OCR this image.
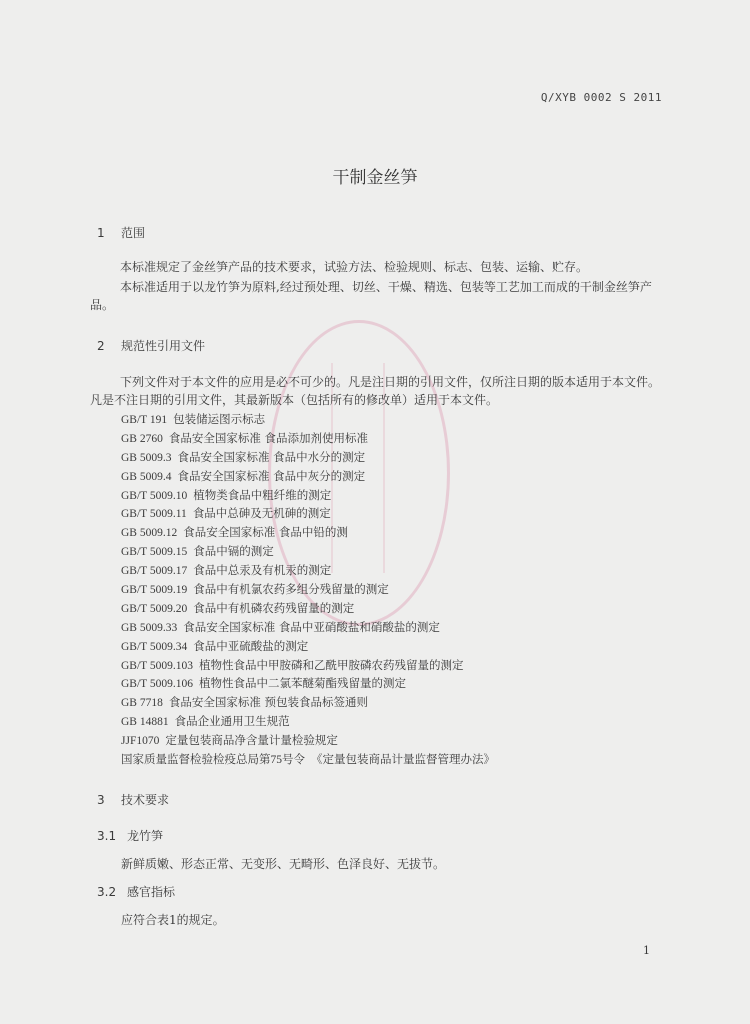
Q/XYB 0002 S 2011
干制金丝笋
1 范围
本标准规定了金丝笋产品的技术要求，试验方法、检验规则、标志、包装、运输、贮存。
本标准适用于以龙竹笋为原料,经过预处理、切丝、干燥、精选、包装等工艺加工而成的干制金丝笋产品。
2 规范性引用文件
下列文件对于本文件的应用是必不可少的。凡是注日期的引用文件，仅所注日期的版本适用于本文件。凡是不注日期的引用文件，其最新版本（包括所有的修改单）适用于本文件。
GB/T 191 包装储运图示标志
GB 2760 食品安全国家标准 食品添加剂使用标准
GB 5009.3 食品安全国家标准 食品中水分的测定
GB 5009.4 食品安全国家标准 食品中灰分的测定
GB/T 5009.10 植物类食品中粗纤维的测定
GB/T 5009.11 食品中总砷及无机砷的测定
GB 5009.12 食品安全国家标准 食品中铅的测
GB/T 5009.15 食品中镉的测定
GB/T 5009.17 食品中总汞及有机汞的测定
GB/T 5009.19 食品中有机氯农药多组分残留量的测定
GB/T 5009.20 食品中有机磷农药残留量的测定
GB 5009.33 食品安全国家标准 食品中亚硝酸盐和硝酸盐的测定
GB/T 5009.34 食品中亚硫酸盐的测定
GB/T 5009.103 植物性食品中甲胺磷和乙酰甲胺磷农药残留量的测定
GB/T 5009.106 植物性食品中二氯苯醚菊酯残留量的测定
GB 7718 食品安全国家标准 预包装食品标签通则
GB 14881 食品企业通用卫生规范
JJF1070 定量包装商品净含量计量检验规定
国家质量监督检验检疫总局第75号令 《定量包装商品计量监督管理办法》
3 技术要求
3.1 龙竹笋
新鲜质嫩、形态正常、无变形、无畸形、色泽良好、无拔节。
3.2 感官指标
应符合表1的规定。
1
